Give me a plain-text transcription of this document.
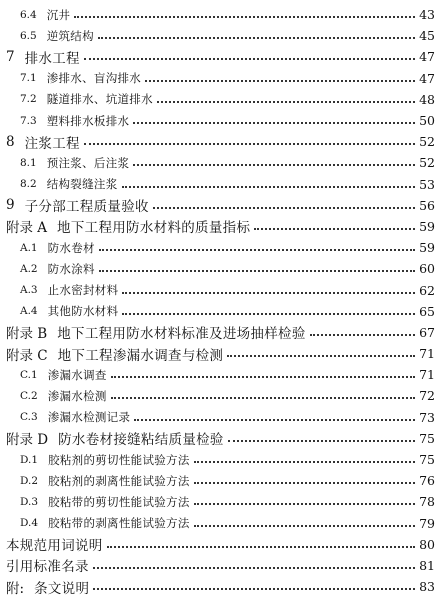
6.4 沉井	43
6.5 逆筑结构	45
7 排水工程	47
7.1 渗排水、盲沟排水	47
7.2 隧道排水、坑道排水	48
7.3 塑料排水板排水	50
8 注浆工程	52
8.1 预注浆、后注浆	52
8.2 结构裂缝注浆	53
9 子分部工程质量验收	56
附录 A 地下工程用防水材料的质量指标	59
A.1 防水卷材	59
A.2 防水涂料	60
A.3 止水密封材料	62
A.4 其他防水材料	65
附录 B 地下工程用防水材料标准及进场抽样检验	67
附录 C 地下工程渗漏水调查与检测	71
C.1 渗漏水调查	71
C.2 渗漏水检测	72
C.3 渗漏水检测记录	73
附录 D 防水卷材接缝粘结质量检验	75
D.1 胶粘剂的剪切性能试验方法	75
D.2 胶粘剂的剥离性能试验方法	76
D.3 胶粘带的剪切性能试验方法	78
D.4 胶粘带的剥离性能试验方法	79
本规范用词说明	80
引用标准名录	81
附: 条文说明	83
